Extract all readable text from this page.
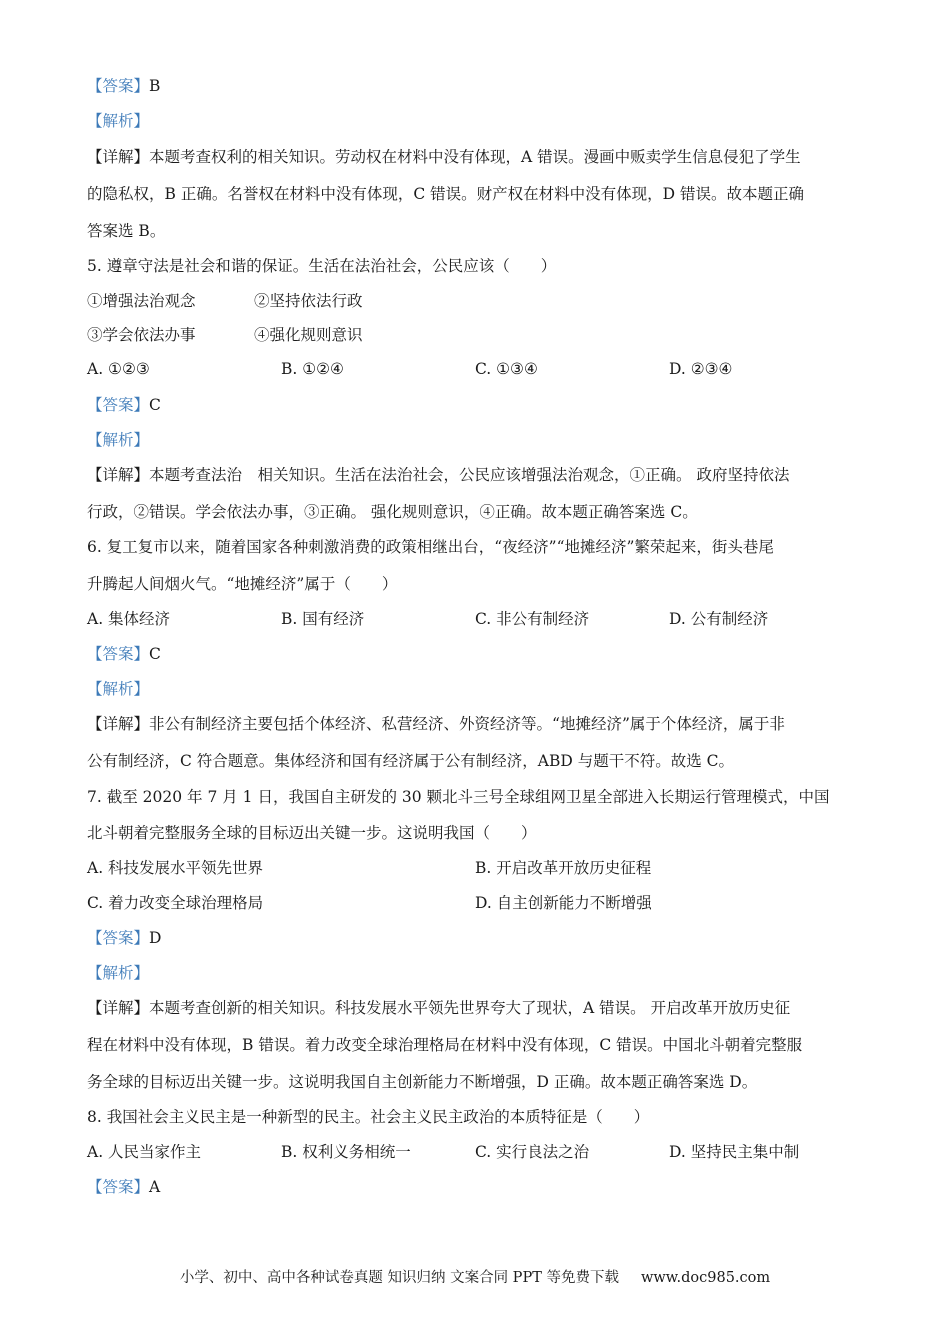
【答案】B
【解析】
【详解】本题考查权利的相关知识。劳动权在材料中没有体现，A 错误。漫画中贩卖学生信息侵犯了学生
的隐私权，B 正确。名誉权在材料中没有体现，C 错误。财产权在材料中没有体现，D 错误。故本题正确
答案选 B。
5. 遵章守法是社会和谐的保证。生活在法治社会，公民应该（　　）
①增强法治观念	②坚持依法行政
③学会依法办事	④强化规则意识
A. ①②③	B. ①②④	C. ①③④	D. ②③④
【答案】C
【解析】
【详解】本题考查法治　相关知识。生活在法治社会，公民应该增强法治观念，①正确。 政府坚持依法
行政，②错误。学会依法办事，③正确。 强化规则意识，④正确。故本题正确答案选 C。
6. 复工复市以来，随着国家各种刺激消费的政策相继出台，“夜经济”“地摊经济”繁荣起来，街头巷尾
升腾起人间烟火气。“地摊经济”属于（　　）
A. 集体经济	B. 国有经济	C. 非公有制经济	D. 公有制经济
【答案】C
【解析】
【详解】非公有制经济主要包括个体经济、私营经济、外资经济等。“地摊经济”属于个体经济，属于非
公有制经济，C 符合题意。集体经济和国有经济属于公有制经济，ABD 与题干不符。故选 C。
7. 截至 2020 年 7 月 1 日，我国自主研发的 30 颗北斗三号全球组网卫星全部进入长期运行管理模式，中国
北斗朝着完整服务全球的目标迈出关键一步。这说明我国（　　）
A. 科技发展水平领先世界	B. 开启改革开放历史征程
C. 着力改变全球治理格局	D. 自主创新能力不断增强
【答案】D
【解析】
【详解】本题考查创新的相关知识。科技发展水平领先世界夸大了现状，A 错误。 开启改革开放历史征
程在材料中没有体现，B 错误。着力改变全球治理格局在材料中没有体现，C 错误。中国北斗朝着完整服
务全球的目标迈出关键一步。这说明我国自主创新能力不断增强，D 正确。故本题正确答案选 D。
8. 我国社会主义民主是一种新型的民主。社会主义民主政治的本质特征是（　　）
A. 人民当家作主	B. 权利义务相统一	C. 实行良法之治	D. 坚持民主集中制
【答案】A
小学、初中、高中各种试卷真题 知识归纳 文案合同 PPT 等免费下载 www.doc985.com
